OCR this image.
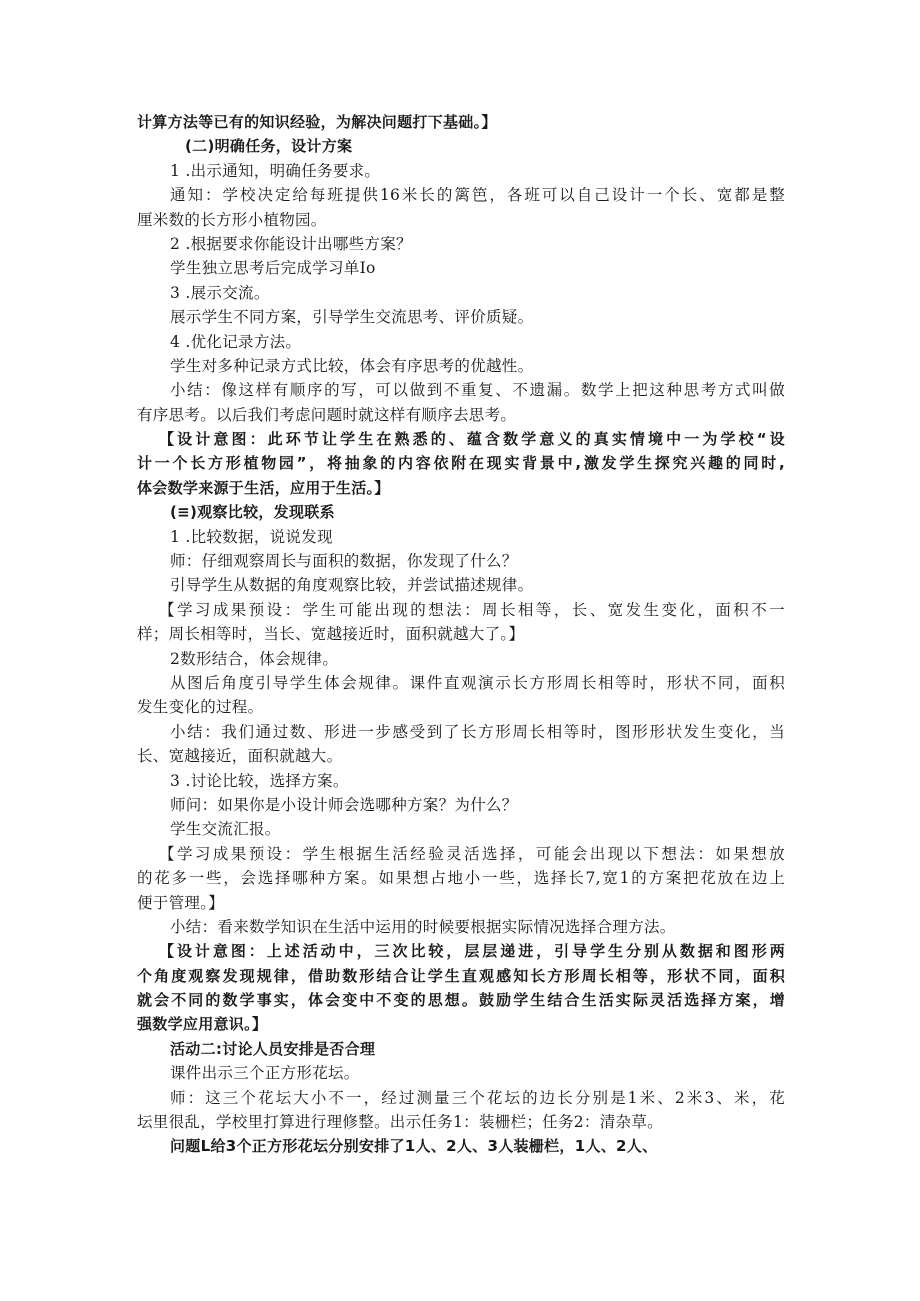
计算方法等已有的知识经验，为解决问题打下基础。】
(二)明确任务，设计方案
1 .出示通知，明确任务要求。
通知：学校决定给每班提供16米长的篱笆，各班可以自己设计一个长、宽都是整
厘米数的长方形小植物园。
2 .根据要求你能设计出哪些方案？
学生独立思考后完成学习单Io
3 .展示交流。
展示学生不同方案，引导学生交流思考、评价质疑。
4 .优化记录方法。
学生对多种记录方式比较，体会有序思考的优越性。
小结：像这样有顺序的写，可以做到不重复、不遗漏。数学上把这种思考方式叫做
有序思考。以后我们考虑问题时就这样有顺序去思考。
【设计意图：此环节让学生在熟悉的、蕴含数学意义的真实情境中一为学校“设
计一个长方形植物园”，将抽象的内容依附在现实背景中,激发学生探究兴趣的同时,
体会数学来源于生活，应用于生活。】
(≡)观察比较，发现联系
1 .比较数据，说说发现
师：仔细观察周长与面积的数据，你发现了什么？
引导学生从数据的角度观察比较，并尝试描述规律。
【学习成果预设：学生可能出现的想法：周长相等，长、宽发生变化，面积不一
样；周长相等时，当长、宽越接近时，面积就越大了。】
2数形结合，体会规律。
从图后角度引导学生体会规律。课件直观演示长方形周长相等时，形状不同，面积
发生变化的过程。
小结：我们通过数、形进一步感受到了长方形周长相等时，图形形状发生变化，当
长、宽越接近，面积就越大。
3 .讨论比较，选择方案。
师问：如果你是小设计师会选哪种方案？为什么？
学生交流汇报。
【学习成果预设：学生根据生活经验灵活选择，可能会出现以下想法：如果想放
的花多一些，会选择哪种方案。如果想占地小一些，选择长7,宽1的方案把花放在边上
便于管理。】
小结：看来数学知识在生活中运用的时候要根据实际情况选择合理方法。
【设计意图：上述活动中，三次比较，层层递进，引导学生分别从数据和图形两
个角度观察发现规律，借助数形结合让学生直观感知长方形周长相等，形状不同，面积
就会不同的数学事实，体会变中不变的思想。鼓励学生结合生活实际灵活选择方案，增
强数学应用意识。】
活动二:讨论人员安排是否合理
课件出示三个正方形花坛。
师：这三个花坛大小不一，经过测量三个花坛的边长分别是1米、2米3、米，花
坛里很乱，学校里打算进行理修整。出示任务1：装栅栏；任务2：清杂草。
问题L给3个正方形花坛分别安排了1人、2人、3人装栅栏，1人、2人、
